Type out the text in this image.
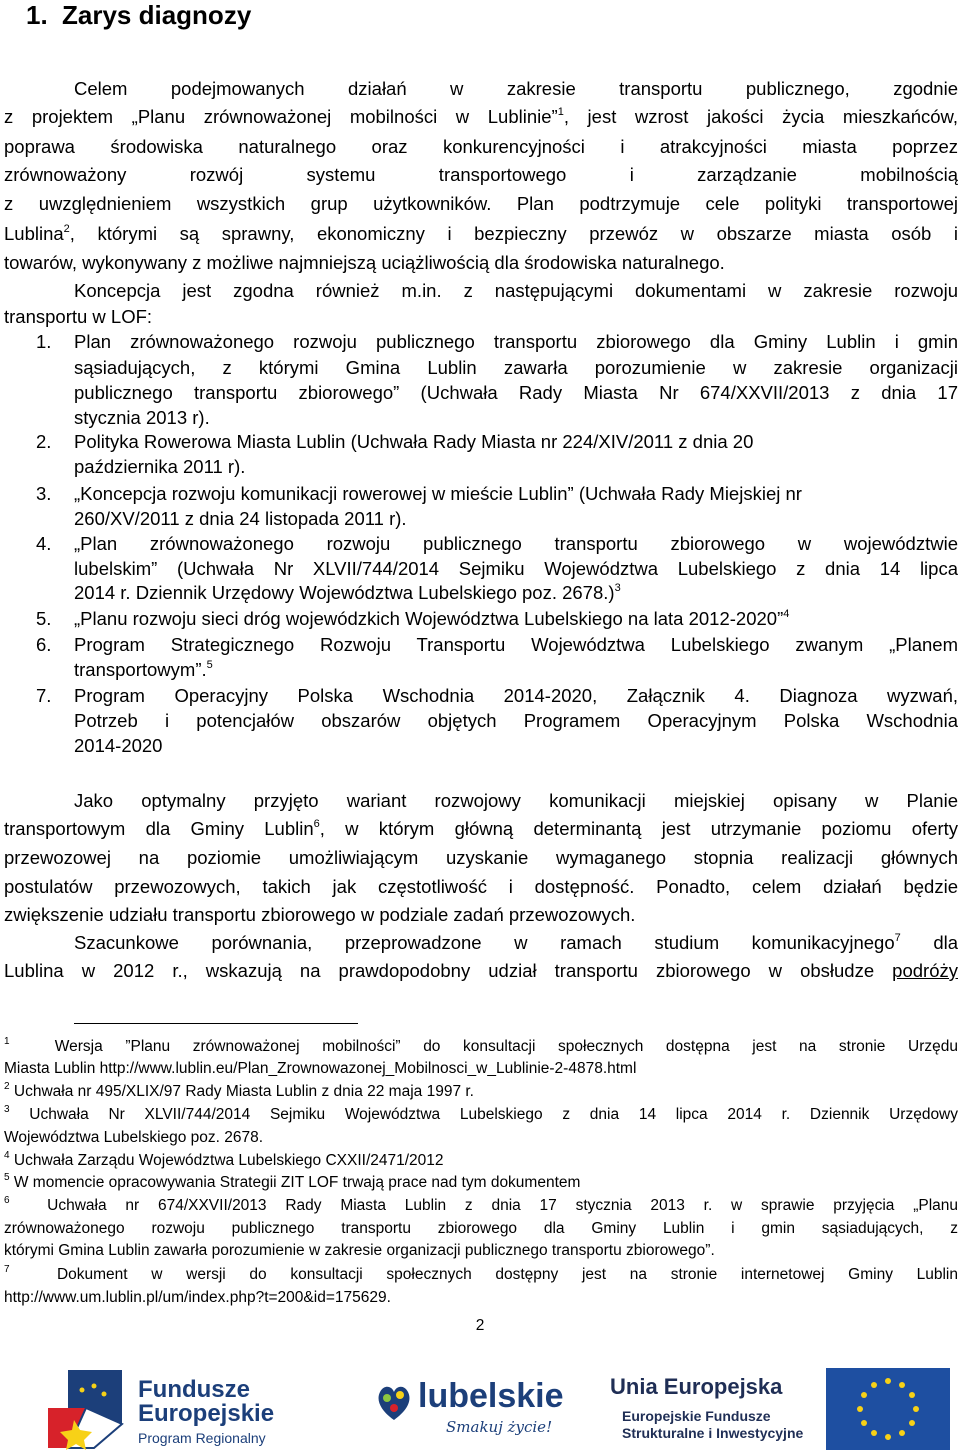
1. Zarys diagnozy
Celem podejmowanych działań w zakresie transportu publicznego, zgodnie
z projektem „Planu zrównoważonej mobilności w Lublinie”$^1$, jest wzrost jakości życia mieszkańców,
poprawa środowiska naturalnego oraz konkurencyjności i atrakcyjności miasta poprzez
zrównoważony rozwój systemu transportowego i zarządzanie mobilnością
z uwzględnieniem wszystkich grup użytkowników. Plan podtrzymuje cele polityki transportowej
Lublina$^2$, którymi są sprawny, ekonomiczny i bezpieczny przewóz w obszarze miasta osób i
towarów, wykonywany z możliwe najmniejszą uciążliwością dla środowiska naturalnego.
Koncepcja jest zgodna również m.in. z następującymi dokumentami w zakresie rozwoju
transportu w LOF:
1. Plan zrównoważonego rozwoju publicznego transportu zbiorowego dla Gminy Lublin i gmin
sąsiadujących, z którymi Gmina Lublin zawarła porozumienie w zakresie organizacji
publicznego transportu zbiorowego” (Uchwała Rady Miasta Nr 674/XXVII/2013 z dnia 17
stycznia 2013 r).
2. Polityka Rowerowa Miasta Lublin (Uchwała Rady Miasta nr 224/XIV/2011 z dnia 20
października 2011 r).
3. „Koncepcja rozwoju komunikacji rowerowej w mieście Lublin” (Uchwała Rady Miejskiej nr
260/XV/2011 z dnia 24 listopada 2011 r).
4. „Plan zrównoważonego rozwoju publicznego transportu zbiorowego w województwie
lubelskim” (Uchwała Nr XLVII/744/2014 Sejmiku Województwa Lubelskiego z dnia 14 lipca
2014 r. Dziennik Urzędowy Województwa Lubelskiego poz. 2678.)$^3$
5. „Planu rozwoju sieci dróg wojewódzkich Województwa Lubelskiego na lata 2012-2020”$^4$
6. Program Strategicznego Rozwoju Transportu Województwa Lubelskiego zwanym „Planem
transportowym”.$^5$
7. Program Operacyjny Polska Wschodnia 2014-2020, Załącznik 4. Diagnoza wyzwań,
Potrzeb i potencjałów obszarów objętych Programem Operacyjnym Polska Wschodnia
2014-2020
Jako optymalny przyjęto wariant rozwojowy komunikacji miejskiej opisany w Planie
transportowym dla Gminy Lublin$^6$, w którym główną determinantą jest utrzymanie poziomu oferty
przewozowej na poziomie umożliwiającym uzyskanie wymaganego stopnia realizacji głównych
postulatów przewozowych, takich jak częstotliwość i dostępność. Ponadto, celem działań będzie
zwiększenie udziału transportu zbiorowego w podziale zadań przewozowych.
Szacunkowe porównania, przeprowadzone w ramach studium komunikacyjnego$^7$ dla
Lublina w 2012 r., wskazują na prawdopodobny udział transportu zbiorowego w obsłudze podróży
$^1$	Wersja ”Planu zrównoważonej mobilności” do konsultacji społecznych dostępna jest na stronie Urzędu
Miasta Lublin http://www.lublin.eu/Plan_Zrownowazonej_Mobilnosci_w_Lublinie-2-4878.html
$^2$ Uchwała nr 495/XLIX/97 Rady Miasta Lublin z dnia 22 maja 1997 r.
$^3$ Uchwała Nr XLVII/744/2014 Sejmiku Województwa Lubelskiego z dnia 14 lipca 2014 r. Dziennik Urzędowy
Województwa Lubelskiego poz. 2678.
$^4$ Uchwała Zarządu Województwa Lubelskiego CXXII/2471/2012
$^5$ W momencie opracowywania Strategii ZIT LOF trwają prace nad tym dokumentem
$^6$ Uchwała nr 674/XXVII/2013 Rady Miasta Lublin z dnia 17 stycznia 2013 r. w sprawie przyjęcia „Planu
zrównoważonego rozwoju publicznego transportu zbiorowego dla Gminy Lublin i gmin sąsiadujących, z
którymi Gmina Lublin zawarła porozumienie w zakresie organizacji publicznego transportu zbiorowego”.
$^7$	Dokument w wersji do konsultacji społecznych dostępny jest na stronie internetowej Gminy Lublin
http://www.um.lublin.pl/um/index.php?t=200&id=175629.
2
Fundusze
Europejskie
Program Regionalny
lubelskie
Smakuj życie!
Unia Europejska
Europejskie Fundusze
Strukturalne i Inwestycyjne
